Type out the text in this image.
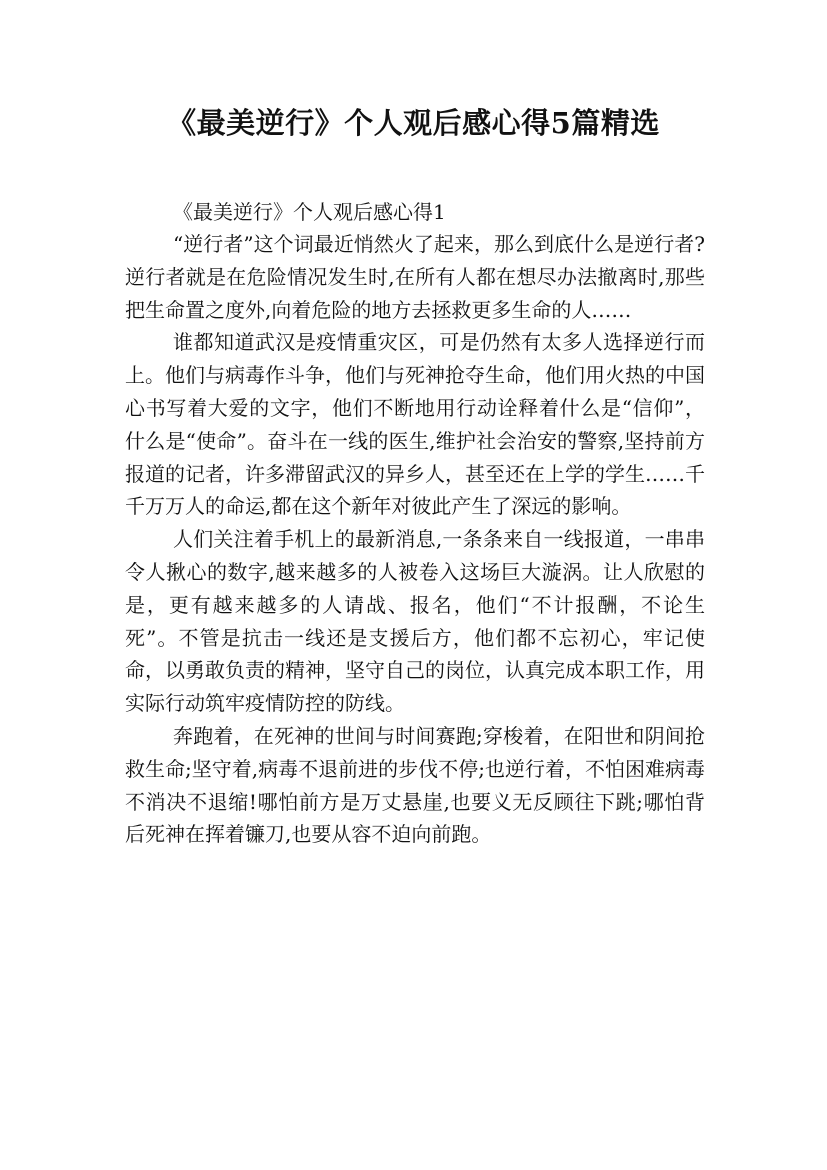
《最美逆行》个人观后感心得5篇精选

《最美逆行》个人观后感心得1

“逆行者”这个词最近悄然火了起来，那么到底什么是逆行者?逆行者就是在危险情况发生时,在所有人都在想尽办法撤离时,那些把生命置之度外,向着危险的地方去拯救更多生命的人……

谁都知道武汉是疫情重灾区，可是仍然有太多人选择逆行而上。他们与病毒作斗争，他们与死神抢夺生命，他们用火热的中国心书写着大爱的文字，他们不断地用行动诠释着什么是“信仰”，什么是“使命”。奋斗在一线的医生,维护社会治安的警察,坚持前方报道的记者，许多滞留武汉的异乡人，甚至还在上学的学生……千千万万人的命运,都在这个新年对彼此产生了深远的影响。

人们关注着手机上的最新消息,一条条来自一线报道，一串串令人揪心的数字,越来越多的人被卷入这场巨大漩涡。让人欣慰的是，更有越来越多的人请战、报名，他们“不计报酬，不论生死”。不管是抗击一线还是支援后方，他们都不忘初心，牢记使命，以勇敢负责的精神，坚守自己的岗位，认真完成本职工作，用实际行动筑牢疫情防控的防线。

奔跑着，在死神的世间与时间赛跑;穿梭着，在阳世和阴间抢救生命;坚守着,病毒不退前进的步伐不停;也逆行着，不怕困难病毒不消决不退缩!哪怕前方是万丈悬崖,也要义无反顾往下跳;哪怕背后死神在挥着镰刀,也要从容不迫向前跑。
